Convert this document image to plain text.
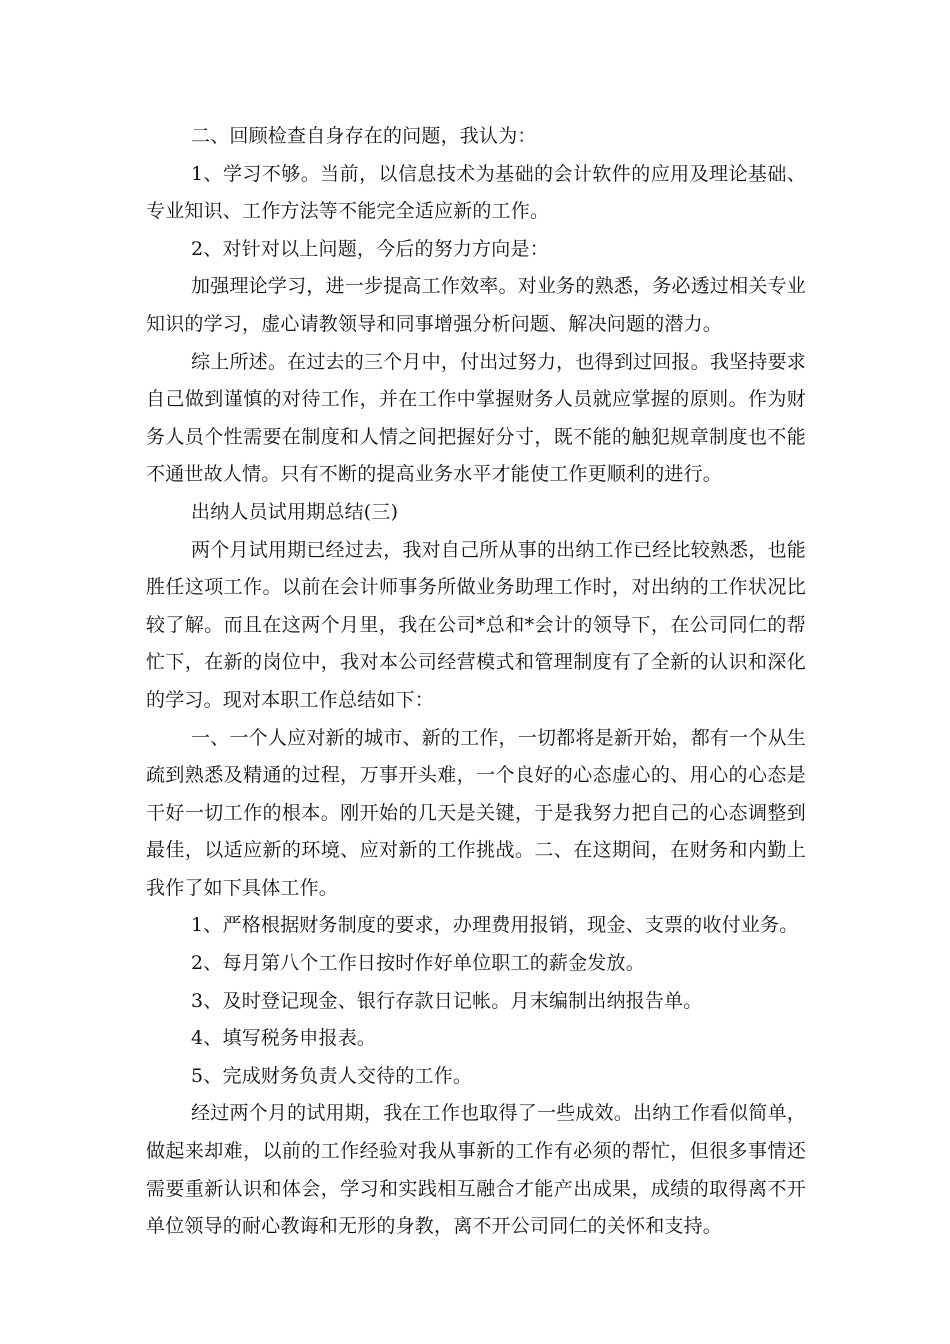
二、回顾检查自身存在的问题，我认为：

1、学习不够。当前，以信息技术为基础的会计软件的应用及理论基础、专业知识、工作方法等不能完全适应新的工作。

2、对针对以上问题，今后的努力方向是：

加强理论学习，进一步提高工作效率。对业务的熟悉，务必透过相关专业知识的学习，虚心请教领导和同事增强分析问题、解决问题的潜力。

综上所述。在过去的三个月中，付出过努力，也得到过回报。我坚持要求自己做到谨慎的对待工作，并在工作中掌握财务人员就应掌握的原则。作为财务人员个性需要在制度和人情之间把握好分寸，既不能的触犯规章制度也不能不通世故人情。只有不断的提高业务水平才能使工作更顺利的进行。

出纳人员试用期总结(三)

两个月试用期已经过去，我对自己所从事的出纳工作已经比较熟悉，也能胜任这项工作。以前在会计师事务所做业务助理工作时，对出纳的工作状况比较了解。而且在这两个月里，我在公司*总和*会计的领导下，在公司同仁的帮忙下，在新的岗位中，我对本公司经营模式和管理制度有了全新的认识和深化的学习。现对本职工作总结如下：

一、一个人应对新的城市、新的工作，一切都将是新开始，都有一个从生疏到熟悉及精通的过程，万事开头难，一个良好的心态虚心的、用心的心态是干好一切工作的根本。刚开始的几天是关键，于是我努力把自己的心态调整到最佳，以适应新的环境、应对新的工作挑战。二、在这期间，在财务和内勤上我作了如下具体工作。

1、严格根据财务制度的要求，办理费用报销，现金、支票的收付业务。

2、每月第八个工作日按时作好单位职工的薪金发放。

3、及时登记现金、银行存款日记帐。月末编制出纳报告单。

4、填写税务申报表。

5、完成财务负责人交待的工作。

经过两个月的试用期，我在工作也取得了一些成效。出纳工作看似简单，做起来却难，以前的工作经验对我从事新的工作有必须的帮忙，但很多事情还需要重新认识和体会，学习和实践相互融合才能产出成果，成绩的取得离不开单位领导的耐心教诲和无形的身教，离不开公司同仁的关怀和支持。
